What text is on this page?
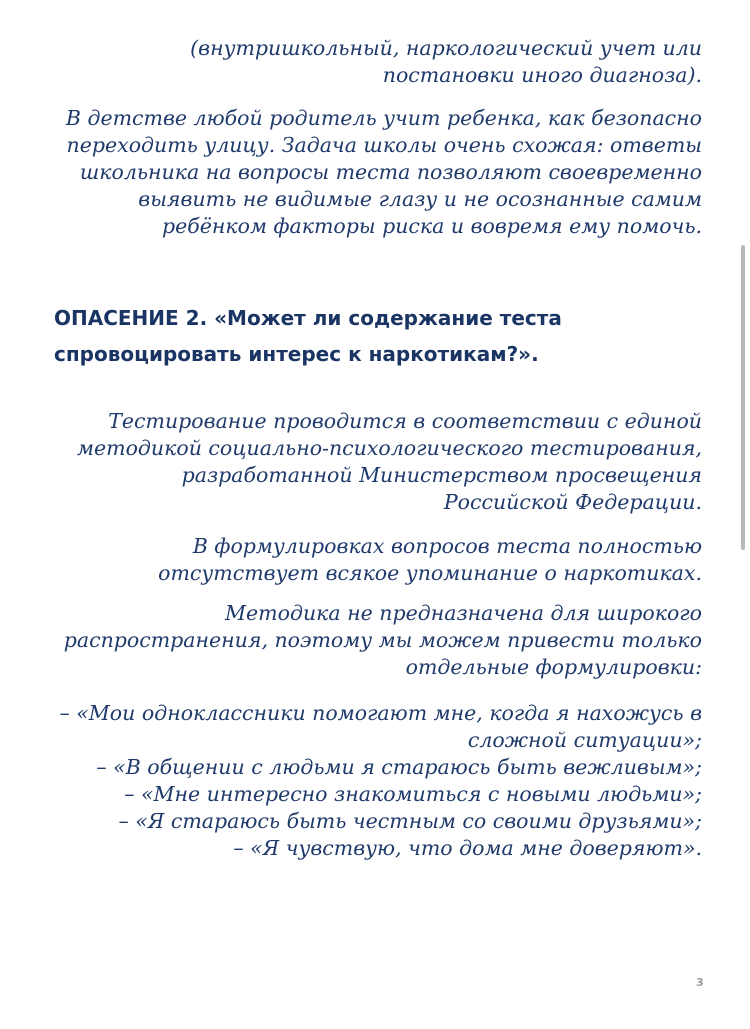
(внутришкольный, наркологический учет или
постановки иного диагноза).
В детстве любой родитель учит ребенка, как безопасно
переходить улицу. Задача школы очень схожая: ответы
школьника на вопросы теста позволяют своевременно
выявить не видимые глазу и не осознанные самим
ребёнком факторы риска и вовремя ему помочь.
ОПАСЕНИЕ 2. «Может ли содержание теста спровоцировать интерес к наркотикам?».
Тестирование проводится в соответствии с единой
методикой социально-психологического тестирования,
разработанной Министерством просвещения
Российской Федерации.
В формулировках вопросов теста полностью
отсутствует всякое упоминание о наркотиках.
Методика не предназначена для широкого
распространения, поэтому мы можем привести только
отдельные формулировки:
– «Мои одноклассники помогают мне, когда я нахожусь в
сложной ситуации»;
– «В общении с людьми я стараюсь быть вежливым»;
– «Мне интересно знакомиться с новыми людьми»;
– «Я стараюсь быть честным со своими друзьями»;
– «Я чувствую, что дома мне доверяют».
3
